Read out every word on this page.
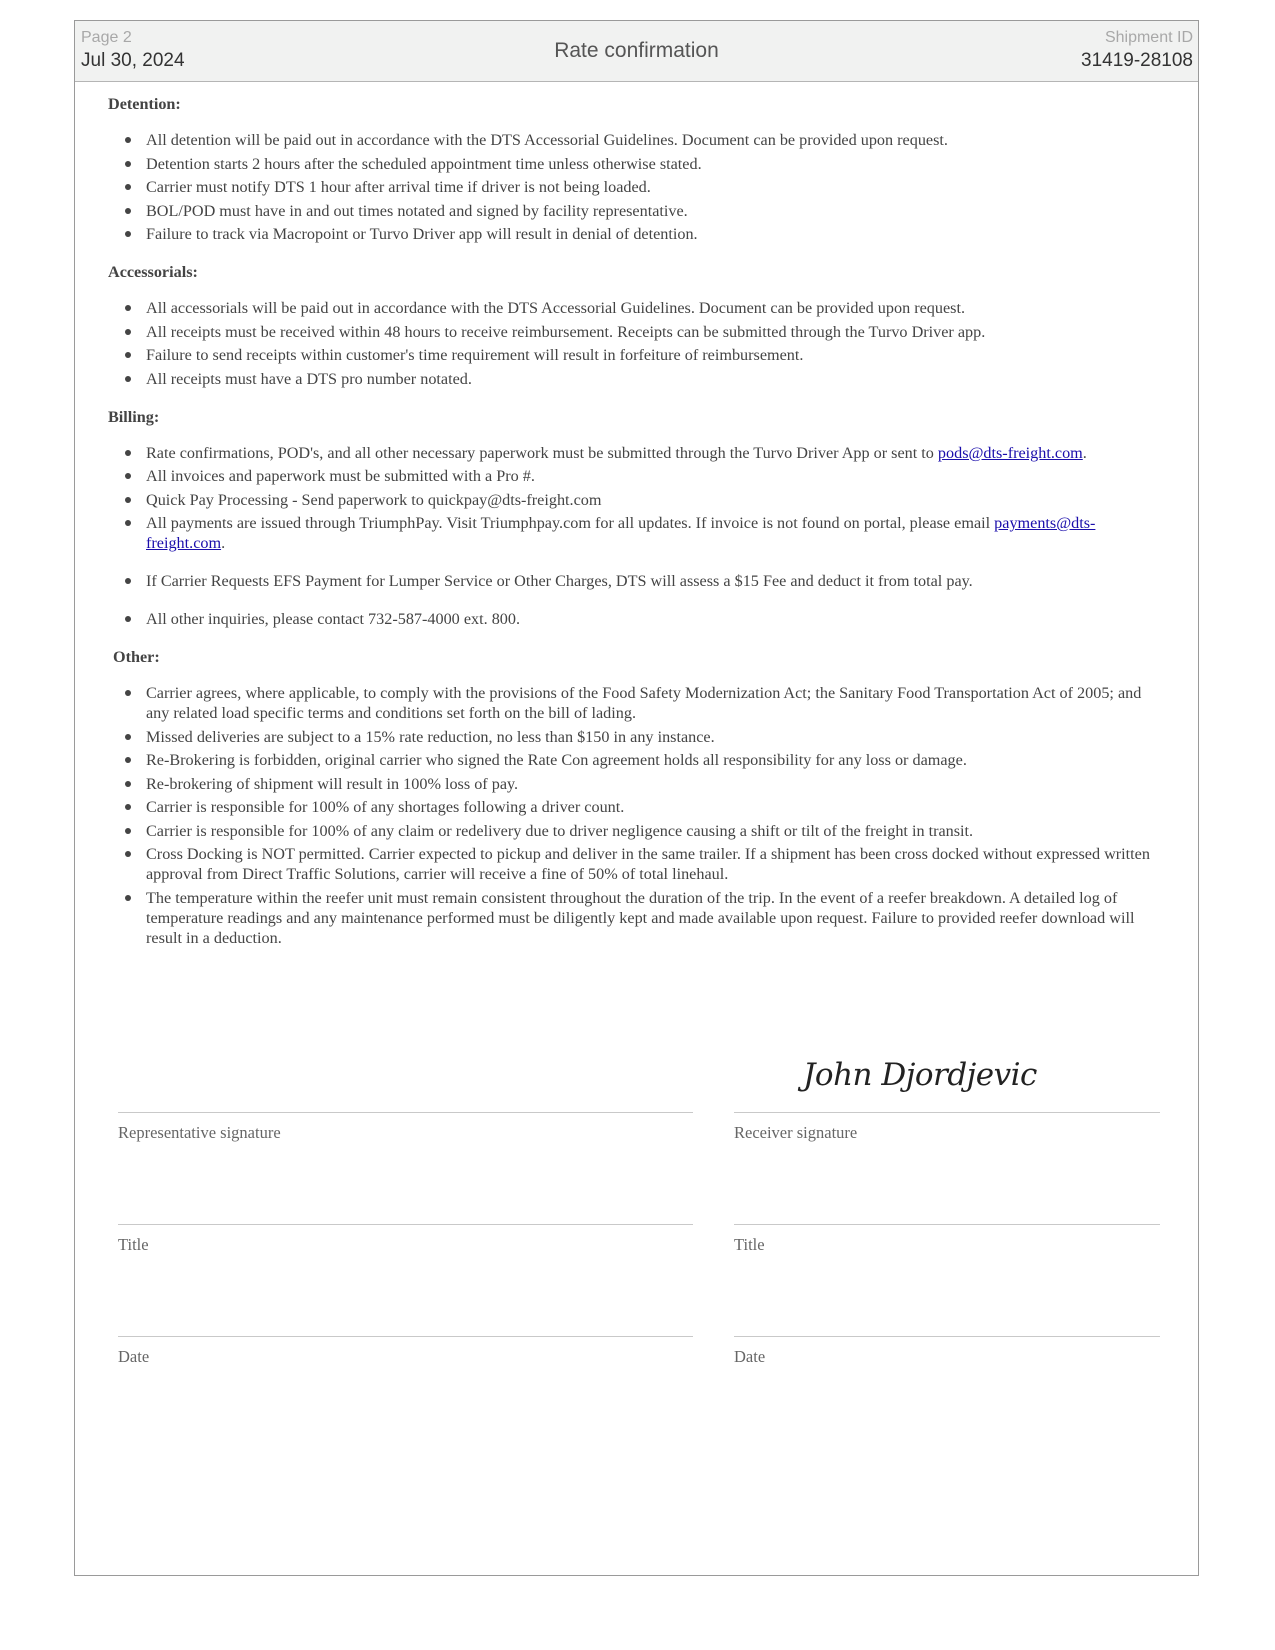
Page 2
Jul 30, 2024	Rate confirmation
Shipment ID
31419-28108

Detention:

All detention will be paid out in accordance with the DTS Accessorial Guidelines. Document can be provided upon request.
Detention starts 2 hours after the scheduled appointment time unless otherwise stated.
Carrier must notify DTS 1 hour after arrival time if driver is not being loaded.
BOL/POD must have in and out times notated and signed by facility representative.
Failure to track via Macropoint or Turvo Driver app will result in denial of detention.

Accessorials:

All accessorials will be paid out in accordance with the DTS Accessorial Guidelines. Document can be provided upon request.
All receipts must be received within 48 hours to receive reimbursement. Receipts can be submitted through the Turvo Driver app.
Failure to send receipts within customer's time requirement will result in forfeiture of reimbursement.
All receipts must have a DTS pro number notated.

Billing:

Rate confirmations, POD's, and all other necessary paperwork must be submitted through the Turvo Driver App or sent to pods@dts-freight.com.
All invoices and paperwork must be submitted with a Pro #.
Quick Pay Processing - Send paperwork to quickpay@dts-freight.com
All payments are issued through TriumphPay. Visit Triumphpay.com for all updates. If invoice is not found on portal, please email payments@dts-freight.com.
If Carrier Requests EFS Payment for Lumper Service or Other Charges, DTS will assess a $15 Fee and deduct it from total pay.
All other inquiries, please contact 732-587-4000 ext. 800.

Other:

Carrier agrees, where applicable, to comply with the provisions of the Food Safety Modernization Act; the Sanitary Food Transportation Act of 2005; and any related load specific terms and conditions set forth on the bill of lading.
Missed deliveries are subject to a 15% rate reduction, no less than $150 in any instance.
Re-Brokering is forbidden, original carrier who signed the Rate Con agreement holds all responsibility for any loss or damage.
Re-brokering of shipment will result in 100% loss of pay.
Carrier is responsible for 100% of any shortages following a driver count.
Carrier is responsible for 100% of any claim or redelivery due to driver negligence causing a shift or tilt of the freight in transit.
Cross Docking is NOT permitted. Carrier expected to pickup and deliver in the same trailer. If a shipment has been cross docked without expressed written approval from Direct Traffic Solutions, carrier will receive a fine of 50% of total linehaul.
The temperature within the reefer unit must remain consistent throughout the duration of the trip. In the event of a reefer breakdown. A detailed log of temperature readings and any maintenance performed must be diligently kept and made available upon request. Failure to provided reefer download will result in a deduction.
John Djordjevic
Representative signature	Receiver signature
Title	Title
Date	Date
